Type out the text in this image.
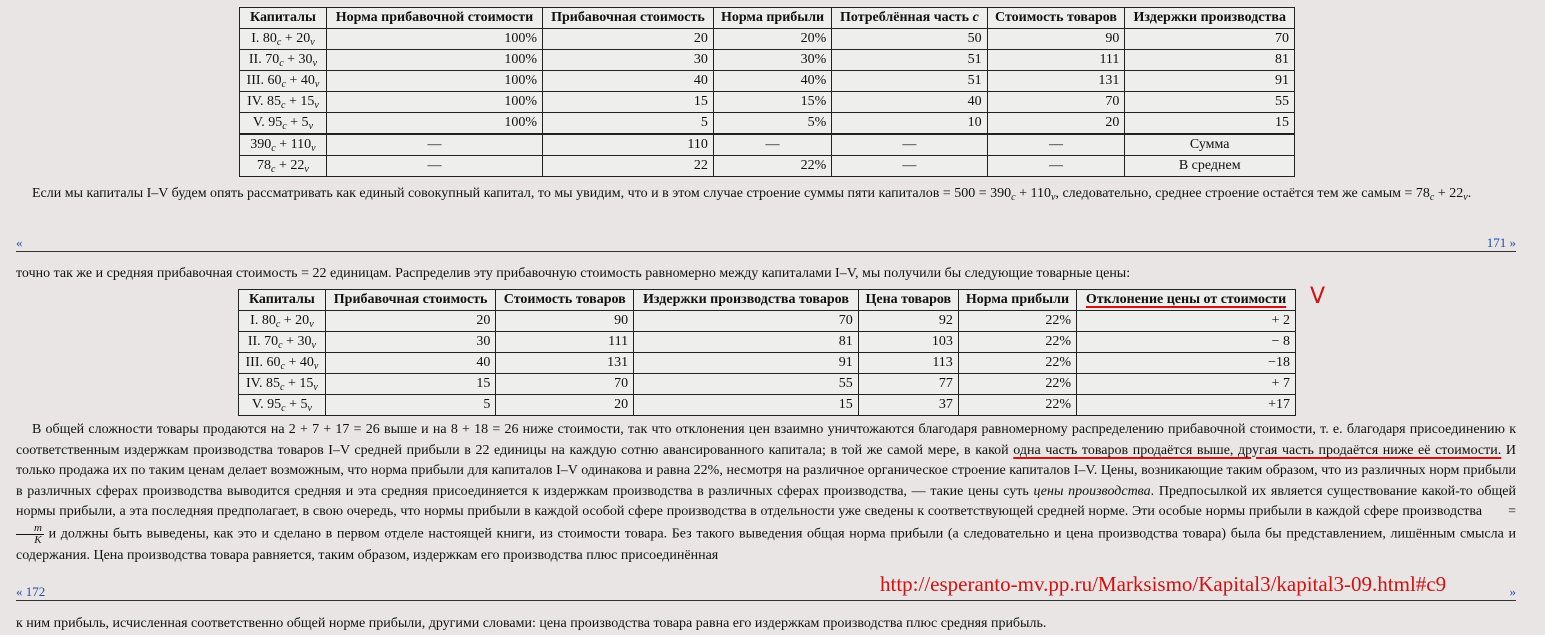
Капиталы	Норма прибавочной стоимости	Прибавочная стоимость	Норма прибыли	Потреблённая часть c	Стоимость товаров	Издержки производства
I. $80_c + 20_v$	100%	20	20%	50	90	70
II. $70_c + 30_v$	100%	30	30%	51	111	81
III. $60_c + 40_v$	100%	40	40%	51	131	91
IV. $85_c + 15_v$	100%	15	15%	40	70	55
V. $95_c + 5_v$	100%	5	5%	10	20	15
$390_c + 110_v$	—	110	—	—	—	Сумма
$78_c + 22_v$	—	22	22%	—	—	В среднем

Если мы капиталы I–V будем опять рассматривать как единый совокупный капитал, то мы увидим, что и в этом случае строение суммы пяти капиталов = $500 = 390_c + 110_v$, следовательно, среднее строение остаётся тем же самым = $78_c + 22_v$.

«	171 »

точно так же и средняя прибавочная стоимость = 22 единицам. Распределив эту прибавочную стоимость равномерно между капиталами I–V, мы получили бы следующие товарные цены:

Капиталы	Прибавочная стоимость	Стоимость товаров	Издержки производства товаров	Цена товаров	Норма прибыли	Отклонение цены от стоимости
I. $80_c + 20_v$	20	90	70	92	22%	+ 2
II. $70_c + 30_v$	30	111	81	103	22%	− 8
III. $60_c + 40_v$	40	131	91	113	22%	−18
IV. $85_c + 15_v$	15	70	55	77	22%	+ 7
V. $95_c + 5_v$	5	20	15	37	22%	+17
V

В общей сложности товары продаются на 2 + 7 + 17 = 26 выше и на 8 + 18 = 26 ниже стоимости, так что отклонения цен взаимно уничтожаются благодаря равномерному распределению прибавочной стоимости, т. е. благодаря присоединению к соответственным издержкам производства товаров I–V средней прибыли в 22 единицы на каждую сотню авансированного капитала; в той же самой мере, в какой одна часть товаров продаётся выше, другая часть продаётся ниже её стоимости. И только продажа их по таким ценам делает возможным, что норма прибыли для капиталов I–V одинакова и равна 22%, несмотря на различное органическое строение капиталов I–V. Цены, возникающие таким образом, что из различных норм прибыли в различных сферах производства выводится средняя и эта средняя присоединяется к издержкам производства в различных сферах производства, — такие цены суть цены производства. Предпосылкой их является существование какой-то общей нормы прибыли, а эта последняя предполагает, в свою очередь, что нормы прибыли в каждой особой сфере производства в отдельности уже сведены к соответствующей средней норме. Эти особые нормы прибыли в каждой сфере производства       =
$\frac{m}{K}$ и должны быть выведены, как это и сделано в первом отделе настоящей книги, из стоимости товара. Без такого выведения общая норма прибыли (а следовательно и цена производства товара) была бы представлением, лишённым смысла и содержания. Цена производства товара равняется, таким образом, издержкам его производства плюс присоединённая

http://esperanto-mv.pp.ru/Marksismo/Kapital3/kapital3-09.html#c9
« 172	»

к ним прибыль, исчисленная соответственно общей норме прибыли, другими словами: цена производства товара равна его издержкам производства плюс средняя прибыль.
